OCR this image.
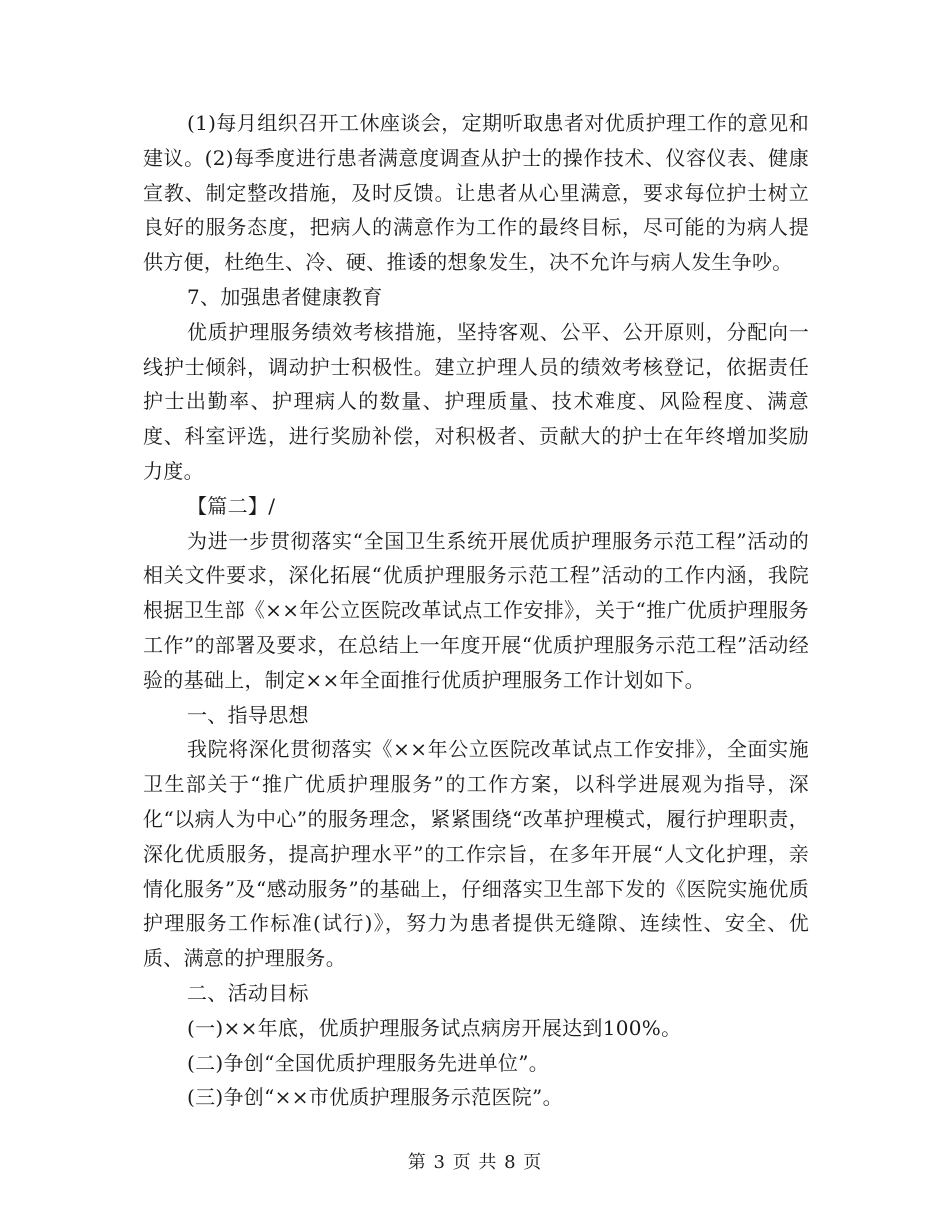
(1)每月组织召开工休座谈会，定期听取患者对优质护理工作的意见和建议。(2)每季度进行患者满意度调查从护士的操作技术、仪容仪表、健康宣教、制定整改措施，及时反馈。让患者从心里满意，要求每位护士树立良好的服务态度，把病人的满意作为工作的最终目标，尽可能的为病人提供方便，杜绝生、冷、硬、推诿的想象发生，决不允许与病人发生争吵。

7、加强患者健康教育

优质护理服务绩效考核措施，坚持客观、公平、公开原则，分配向一线护士倾斜，调动护士积极性。建立护理人员的绩效考核登记，依据责任护士出勤率、护理病人的数量、护理质量、技术难度、风险程度、满意度、科室评选，进行奖励补偿，对积极者、贡献大的护士在年终增加奖励力度。

【篇二】/

为进一步贯彻落实“全国卫生系统开展优质护理服务示范工程”活动的相关文件要求，深化拓展“优质护理服务示范工程”活动的工作内涵，我院根据卫生部《××年公立医院改革试点工作安排》，关于“推广优质护理服务工作”的部署及要求，在总结上一年度开展“优质护理服务示范工程”活动经验的基础上，制定××年全面推行优质护理服务工作计划如下。

一、指导思想

我院将深化贯彻落实《××年公立医院改革试点工作安排》，全面实施卫生部关于“推广优质护理服务”的工作方案，以科学进展观为指导，深化“以病人为中心”的服务理念，紧紧围绕“改革护理模式，履行护理职责，深化优质服务，提高护理水平”的工作宗旨，在多年开展“人文化护理，亲情化服务”及“感动服务”的基础上，仔细落实卫生部下发的《医院实施优质护理服务工作标准(试行)》，努力为患者提供无缝隙、连续性、安全、优质、满意的护理服务。

二、活动目标

(一)××年底，优质护理服务试点病房开展达到100%。

(二)争创“全国优质护理服务先进单位”。

(三)争创“××市优质护理服务示范医院”。

第 3 页 共 8 页
